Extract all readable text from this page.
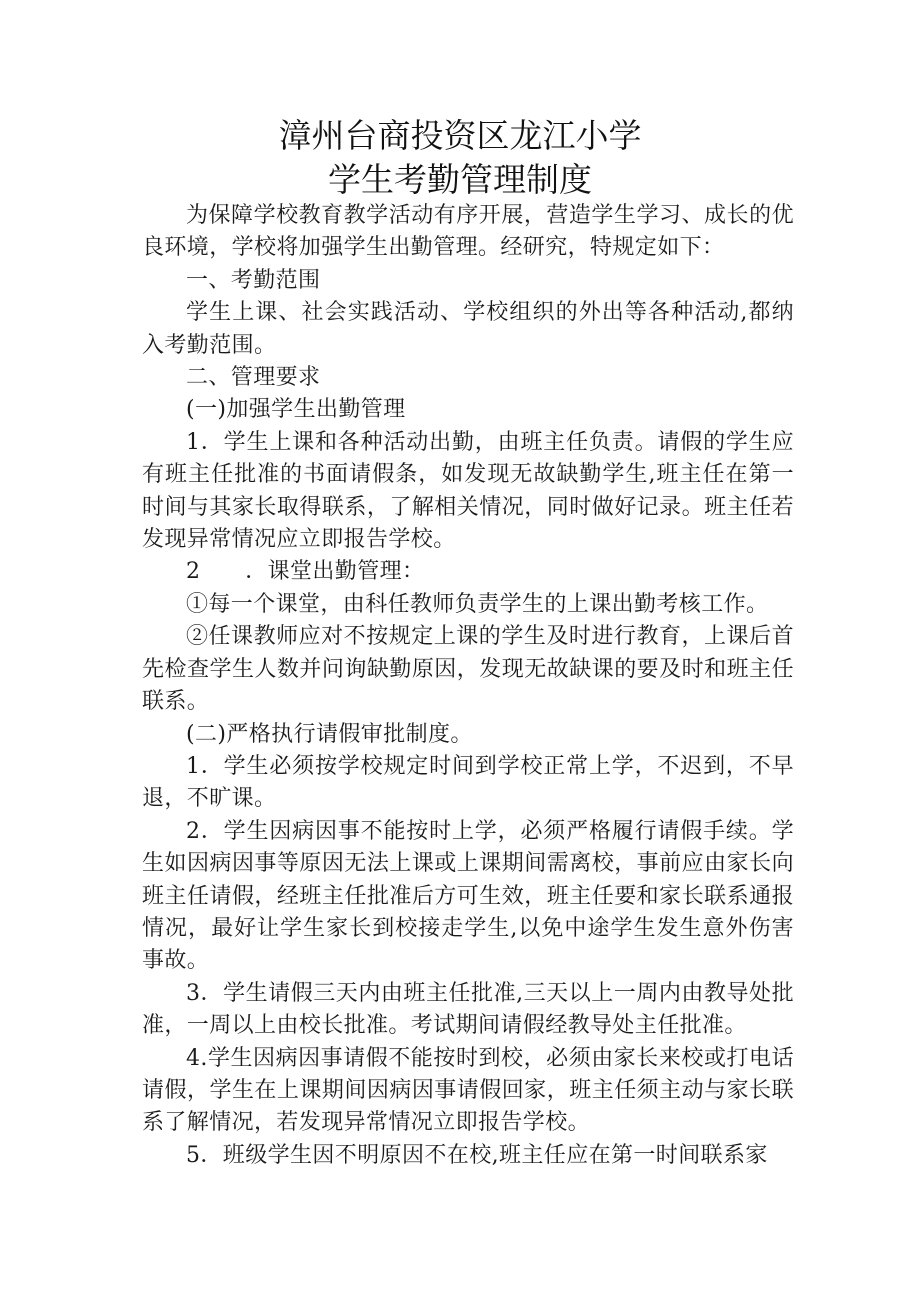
漳州台商投资区龙江小学
学生考勤管理制度

为保障学校教育教学活动有序开展，营造学生学习、成长的优良环境，学校将加强学生出勤管理。经研究，特规定如下：

一、考勤范围

学生上课、社会实践活动、学校组织的外出等各种活动,都纳入考勤范围。

二、管理要求

(一)加强学生出勤管理

1．学生上课和各种活动出勤，由班主任负责。请假的学生应有班主任批准的书面请假条，如发现无故缺勤学生,班主任在第一时间与其家长取得联系，了解相关情况，同时做好记录。班主任若发现异常情况应立即报告学校。

2　　．课堂出勤管理：

①每一个课堂，由科任教师负责学生的上课出勤考核工作。

②任课教师应对不按规定上课的学生及时进行教育，上课后首先检查学生人数并问询缺勤原因，发现无故缺课的要及时和班主任联系。

(二)严格执行请假审批制度。

1．学生必须按学校规定时间到学校正常上学，不迟到，不早退，不旷课。

2．学生因病因事不能按时上学，必须严格履行请假手续。学生如因病因事等原因无法上课或上课期间需离校，事前应由家长向班主任请假，经班主任批准后方可生效，班主任要和家长联系通报情况，最好让学生家长到校接走学生,以免中途学生发生意外伤害事故。

3．学生请假三天内由班主任批准,三天以上一周内由教导处批准，一周以上由校长批准。考试期间请假经教导处主任批准。

4.学生因病因事请假不能按时到校，必须由家长来校或打电话请假，学生在上课期间因病因事请假回家，班主任须主动与家长联系了解情况，若发现异常情况立即报告学校。

5．班级学生因不明原因不在校,班主任应在第一时间联系家
